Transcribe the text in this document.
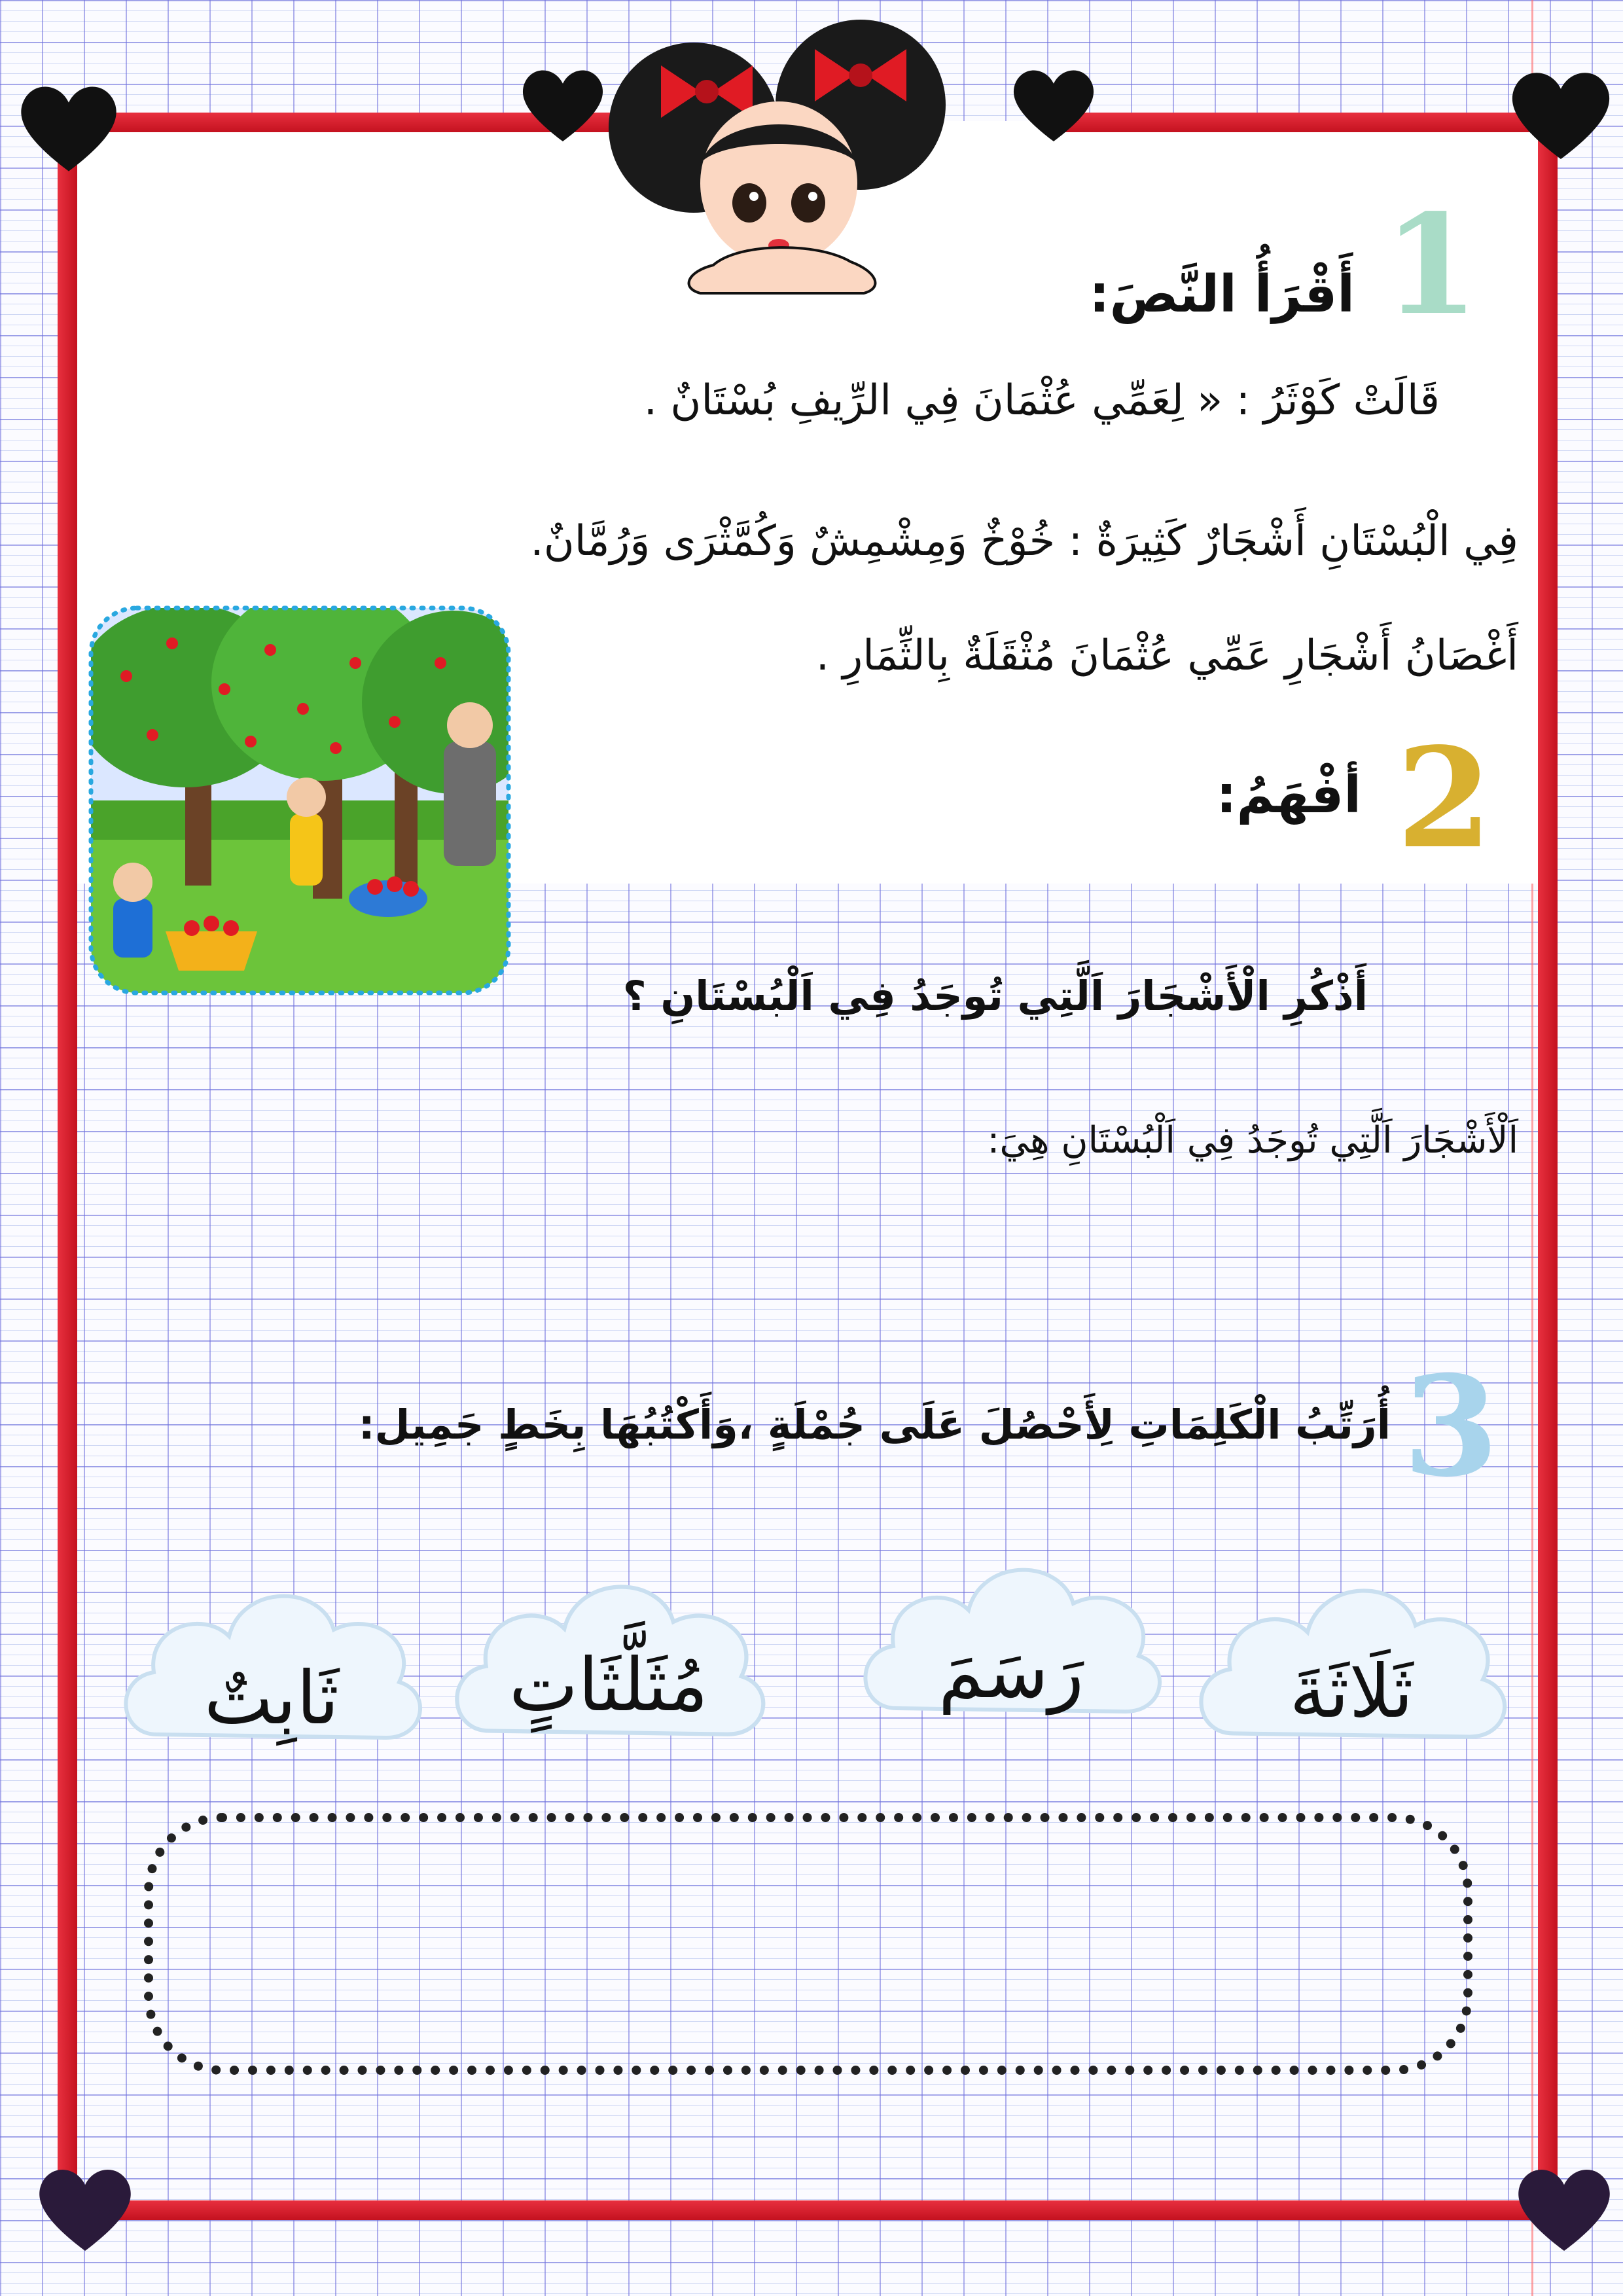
1
أَقْرَأُ النَّصَ:
قَالَتْ كَوْثَرُ : « لِعَمِّي عُثْمَانَ فِي الرِّيفِ بُسْتَانٌ .
فِي الْبُسْتَانِ أَشْجَارٌ كَثِيرَةٌ : خُوْخٌ وَمِشْمِشٌ وَكُمَّثْرَى وَرُمَّانٌ.
أَغْصَانُ أَشْجَارِ عَمِّي عُثْمَانَ مُثْقَلَةٌ بِالثِّمَارِ .
2
أفْهَمُ:
أَذْكُرِ الْأَشْجَارَ اَلَّتِي تُوجَدُ فِي اَلْبُسْتَانِ ؟
اَلْأَشْجَارَ اَلَّتِي تُوجَدُ فِي اَلْبُسْتَانِ هِيَ:
3
أُرَتِّبُ الْكَلِمَاتِ لِأَحْصُلَ عَلَى جُمْلَةٍ ،وَأَكْتُبُهَا بِخَطٍ جَمِيل:
ثَابِتٌ	مُثَلَّثَاتٍ	رَسَمَ	ثَلَاثَةَ
